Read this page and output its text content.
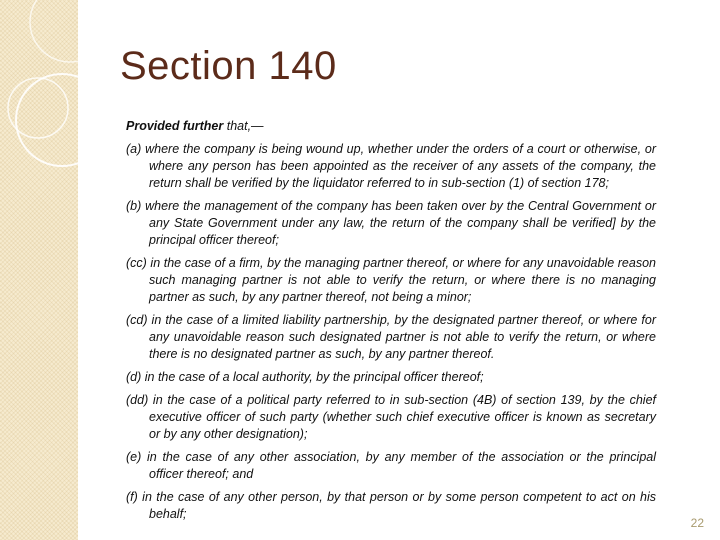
Section 140

Provided further that,—

(a) where the company is being wound up, whether under the orders of a court or otherwise, or where any person has been appointed as the receiver of any assets of the company, the return shall be verified by the liquidator referred to in sub-section (1) of section 178;

(b) where the management of the company has been taken over by the Central Government or any State Government under any law, the return of the company shall be verified] by the principal officer thereof;

(cc) in the case of a firm, by the managing partner thereof, or where for any unavoidable reason such managing partner is not able to verify the return, or where there is no managing partner as such, by any partner thereof, not being a minor;

(cd) in the case of a limited liability partnership, by the designated partner thereof, or where for any unavoidable reason such designated partner is not able to verify the return, or where there is no designated partner as such, by any partner thereof.

(d) in the case of a local authority, by the principal officer thereof;

(dd) in the case of a political party referred to in sub-section (4B) of section 139, by the chief executive officer of such party (whether such chief executive officer is known as secretary or by any other designation);

(e) in the case of any other association, by any member of the association or the principal officer thereof; and

(f) in the case of any other person, by that person or by some person competent to act on his behalf;

22
